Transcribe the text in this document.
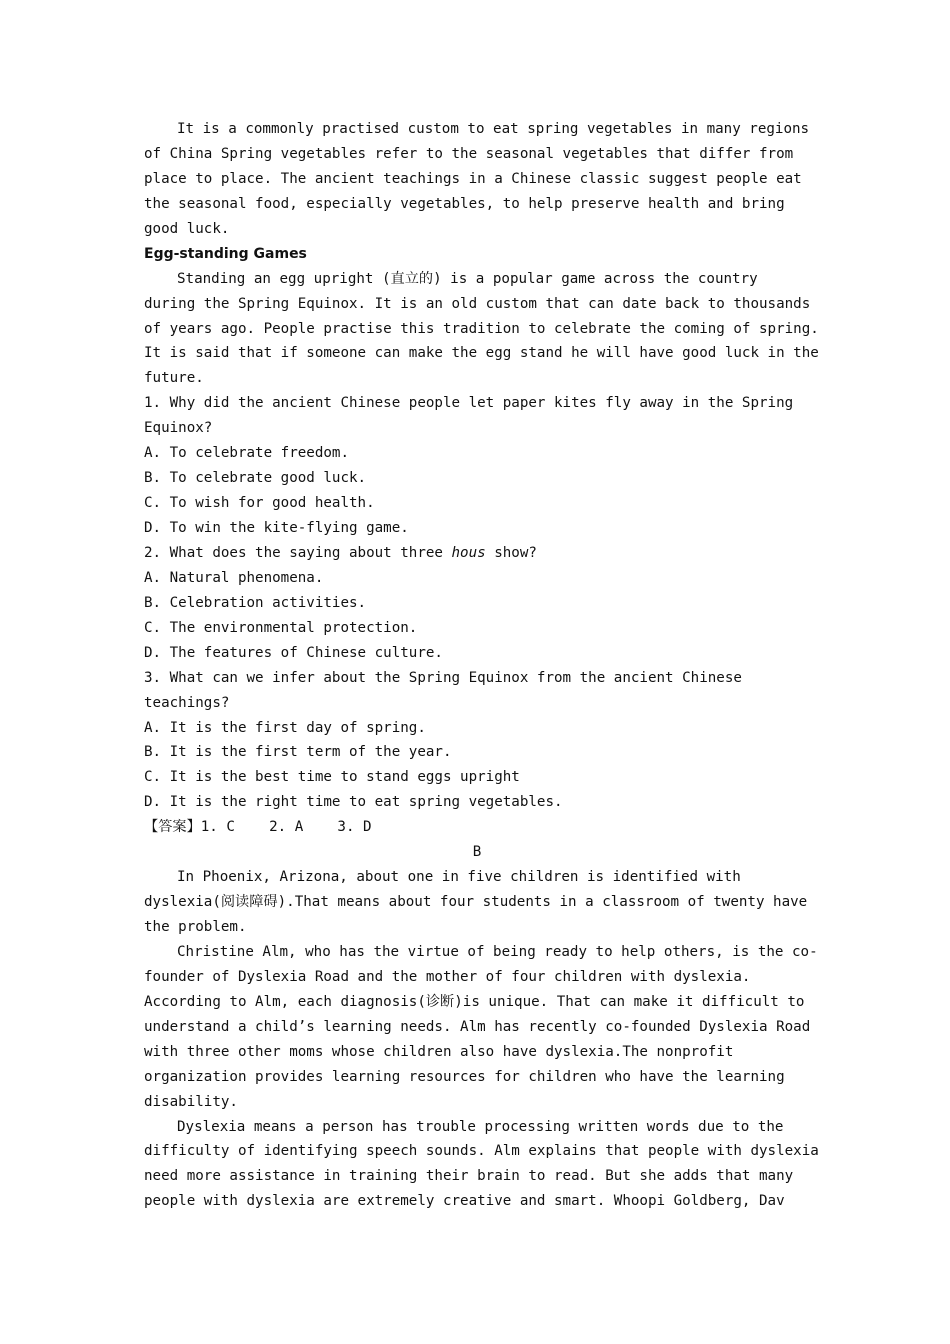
It is a commonly practised custom to eat spring vegetables in many regions
of China Spring vegetables refer to the seasonal vegetables that differ from
place to place. The ancient teachings in a Chinese classic suggest people eat
the seasonal food, especially vegetables, to help preserve health and bring
good luck.
Egg-standing Games
Standing an egg upright (直立的) is a popular game across the country
during the Spring Equinox. It is an old custom that can date back to thousands
of years ago. People practise this tradition to celebrate the coming of spring.
It is said that if someone can make the egg stand he will have good luck in the
future.
1. Why did the ancient Chinese people let paper kites fly away in the Spring
Equinox?
A. To celebrate freedom.
B. To celebrate good luck.
C. To wish for good health.
D. To win the kite-flying game.
2. What does the saying about three hous show?
A. Natural phenomena.
B. Celebration activities.
C. The environmental protection.
D. The features of Chinese culture.
3. What can we infer about the Spring Equinox from the ancient Chinese
teachings?
A. It is the first day of spring.
B. It is the first term of the year.
C. It is the best time to stand eggs upright
D. It is the right time to eat spring vegetables.
【答案】1. C    2. A    3. D
B
In Phoenix, Arizona, about one in five children is identified with
dyslexia(阅读障碍).That means about four students in a classroom of twenty have
the problem.
Christine Alm, who has the virtue of being ready to help others, is the co-
founder of Dyslexia Road and the mother of four children with dyslexia.
According to Alm, each diagnosis(诊断)is unique. That can make it difficult to
understand a child’s learning needs. Alm has recently co-founded Dyslexia Road
with three other moms whose children also have dyslexia.The nonprofit
organization provides learning resources for children who have the learning
disability.
Dyslexia means a person has trouble processing written words due to the
difficulty of identifying speech sounds. Alm explains that people with dyslexia
need more assistance in training their brain to read. But she adds that many
people with dyslexia are extremely creative and smart. Whoopi Goldberg, Dav
